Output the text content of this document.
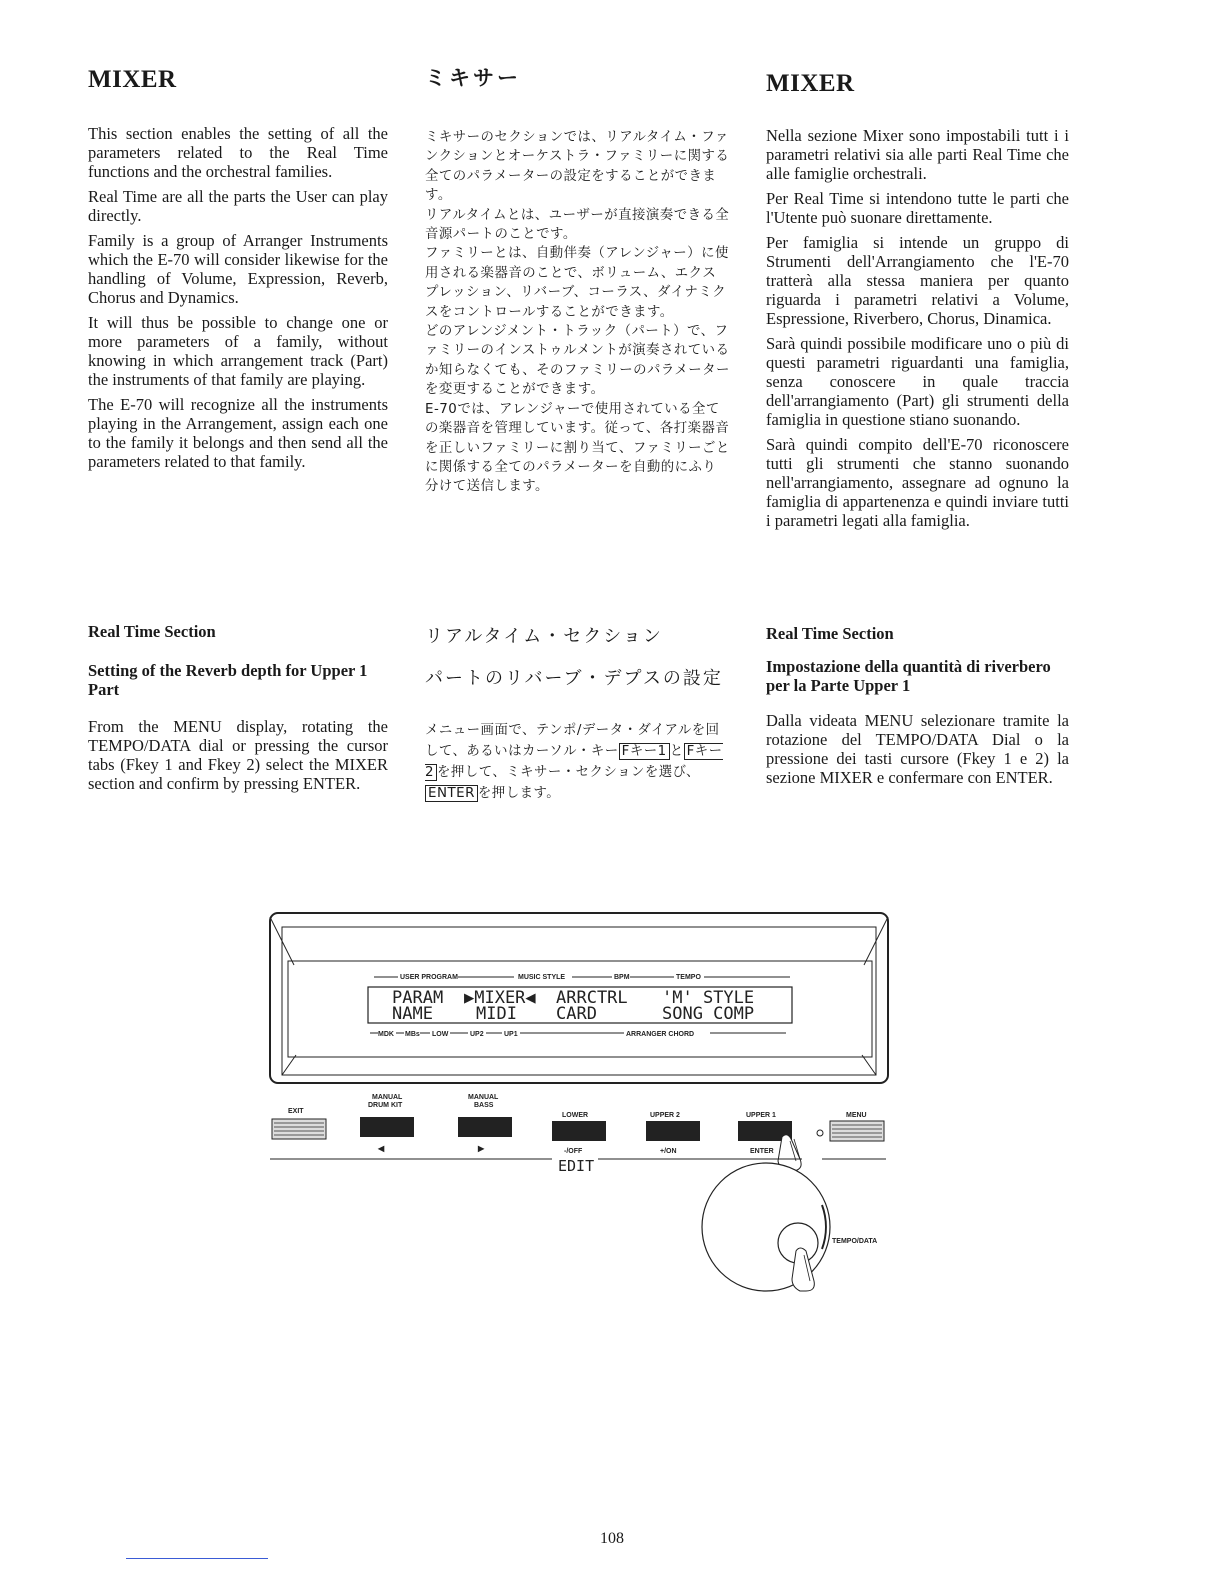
MIXER

This section enables the setting of all the parameters related to the Real Time functions and the orchestral families.

Real Time are all the parts the User can play directly.

Family is a group of Arranger Instruments which the E-70 will consider likewise for the handling of Volume, Expression, Reverb, Chorus and Dynamics.

It will thus be possible to change one or more parameters of a family, without knowing in which arrangement track (Part) the instruments of that family are playing.

The E-70 will recognize all the instruments playing in the Arrangement, assign each one to the family it belongs and then send all the parameters related to that family.

Real Time Section

Setting of the Reverb depth for Upper 1 Part

From the MENU display, rotating the TEMPO/DATA dial or pressing the cursor tabs (Fkey 1 and Fkey 2) select the MIXER section and confirm by pressing ENTER.

ミキサー

ミキサーのセクションでは、リアルタイム・ファンクションとオーケストラ・ファミリーに関する全てのパラメーターの設定をすることができます。

リアルタイムとは、ユーザーが直接演奏できる全音源パートのことです。

ファミリーとは、自動伴奏（アレンジャー）に使用される楽器音のことで、ボリューム、エクスプレッション、リバーブ、コーラス、ダイナミクスをコントロールすることができます。

どのアレンジメント・トラック（パート）で、ファミリーのインストゥルメントが演奏されているか知らなくても、そのファミリーのパラメーターを変更することができます。

E-70では、アレンジャーで使用されている全ての楽器音を管理しています。従って、各打楽器音を正しいファミリーに割り当て、ファミリーごとに関係する全てのパラメーターを自動的にふり分けて送信します。

リアルタイム・セクション

パートのリバーブ・デプスの設定

メニュー画面で、テンポ/データ・ダイアルを回して、あるいはカーソル・キー Fキー1 と Fキー2 を押して、ミキサー・セクションを選び、ENTER を押します。

MIXER

Nella sezione Mixer sono impostabili tutt i i parametri relativi sia alle parti Real Time che alle famiglie orchestrali.

Per Real Time si intendono tutte le parti che l'Utente può suonare direttamente.

Per famiglia si intende un gruppo di Strumenti dell'Arrangiamento che l'E-70 tratterà alla stessa maniera per quanto riguarda i parametri relativi a Volume, Espressione, Riverbero, Chorus, Dinamica.

Sarà quindi possibile modificare uno o più di questi parametri riguardanti una famiglia, senza conoscere in quale traccia dell'arrangiamento (Part) gli strumenti della famiglia in questione stiano suonando.

Sarà quindi compito dell'E-70 riconoscere tutti gli strumenti che stanno suonando nell'arrangiamento, assegnare ad ognuno la famiglia di appartenenza e quindi inviare tutti i parametri legati alla famiglia.

Real Time Section

Impostazione della quantità di riverbero per la Parte Upper 1

Dalla videata MENU selezionare tramite la rotazione del TEMPO/DATA Dial o la pressione dei tasti cursore (Fkey 1 e 2) la sezione MIXER e confermare con ENTER.

USER PROGRAM	MUSIC STYLE	BPM	TEMPO
PARAM ▶MIXER◀ ARRCTRL 'M' STYLE
NAME	MIDI CARD	SONG COMP
MDK MBs LOW	UP2	UP1	ARRANGER CHORD
EXIT
MANUAL
DRUM KIT
◀
MANUAL
BASS
▶
LOWER
-/OFF
UPPER 2
+/ON
UPPER 1
ENTER
MENU
EDIT
TEMPO/DATA
108
